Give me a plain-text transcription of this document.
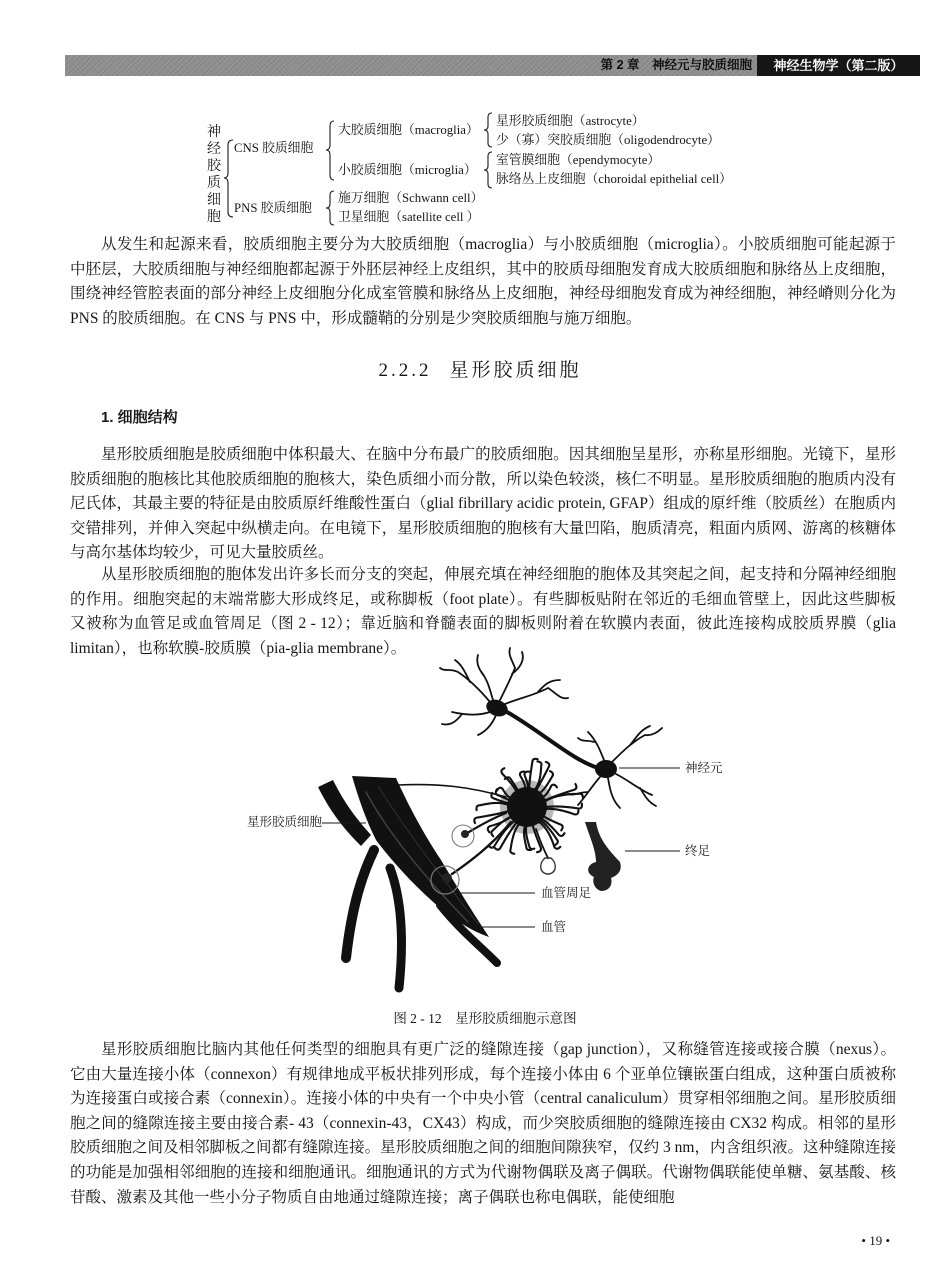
第 2 章　神经元与胶质细胞	神经生物学（第二版）
神经胶质细胞
CNS 胶质细胞
PNS 胶质细胞
大胶质细胞（macroglia）
小胶质细胞（microglia）
星形胶质细胞（astrocyte）
少（寡）突胶质细胞（oligodendrocyte）
室管膜细胞（ependymocyte）
脉络丛上皮细胞（choroidal epithelial cell）
施万细胞（Schwann cell）
卫星细胞（satellite cell ）

从发生和起源来看，胶质细胞主要分为大胶质细胞（macroglia）与小胶质细胞（microglia）。小胶质细胞可能起源于中胚层，大胶质细胞与神经细胞都起源于外胚层神经上皮组织，其中的胶质母细胞发育成大胶质细胞和脉络丛上皮细胞，围绕神经管腔表面的部分神经上皮细胞分化成室管膜和脉络丛上皮细胞，神经母细胞发育成为神经细胞，神经嵴则分化为 PNS 的胶质细胞。在 CNS 与 PNS 中，形成髓鞘的分别是少突胶质细胞与施万细胞。

2.2.2 星形胶质细胞
1. 细胞结构

星形胶质细胞是胶质细胞中体积最大、在脑中分布最广的胶质细胞。因其细胞呈星形，亦称星形细胞。光镜下，星形胶质细胞的胞核比其他胶质细胞的胞核大，染色质细小而分散，所以染色较淡，核仁不明显。星形胶质细胞的胞质内没有尼氏体，其最主要的特征是由胶质原纤维酸性蛋白（glial fibrillary acidic protein, GFAP）组成的原纤维（胶质丝）在胞质内交错排列，并伸入突起中纵横走向。在电镜下，星形胶质细胞的胞核有大量凹陷，胞质清亮，粗面内质网、游离的核糖体与高尔基体均较少，可见大量胶质丝。

从星形胶质细胞的胞体发出许多长而分支的突起，伸展充填在神经细胞的胞体及其突起之间，起支持和分隔神经细胞的作用。细胞突起的末端常膨大形成终足，或称脚板（foot plate）。有些脚板贴附在邻近的毛细血管壁上，因此这些脚板又被称为血管足或血管周足（图 2 - 12）；靠近脑和脊髓表面的脚板则附着在软膜内表面，彼此连接构成胶质界膜（glia limitan），也称软膜-胶质膜（pia-glia membrane）。

神经元
星形胶质细胞
终足
血管周足
血管
图 2 - 12　星形胶质细胞示意图

星形胶质细胞比脑内其他任何类型的细胞具有更广泛的缝隙连接（gap junction），又称缝管连接或接合膜（nexus）。它由大量连接小体（connexon）有规律地成平板状排列形成，每个连接小体由 6 个亚单位镶嵌蛋白组成，这种蛋白质被称为连接蛋白或接合素（connexin）。连接小体的中央有一个中央小管（central canaliculum）贯穿相邻细胞之间。星形胶质细胞之间的缝隙连接主要由接合素- 43（connexin-43，CX43）构成，而少突胶质细胞的缝隙连接由 CX32 构成。相邻的星形胶质细胞之间及相邻脚板之间都有缝隙连接。星形胶质细胞之间的细胞间隙狭窄，仅约 3 nm，内含组织液。这种缝隙连接的功能是加强相邻细胞的连接和细胞通讯。细胞通讯的方式为代谢物偶联及离子偶联。代谢物偶联能使单糖、氨基酸、核苷酸、激素及其他一些小分子物质自由地通过缝隙连接；离子偶联也称电偶联，能使细胞

• 19 •
